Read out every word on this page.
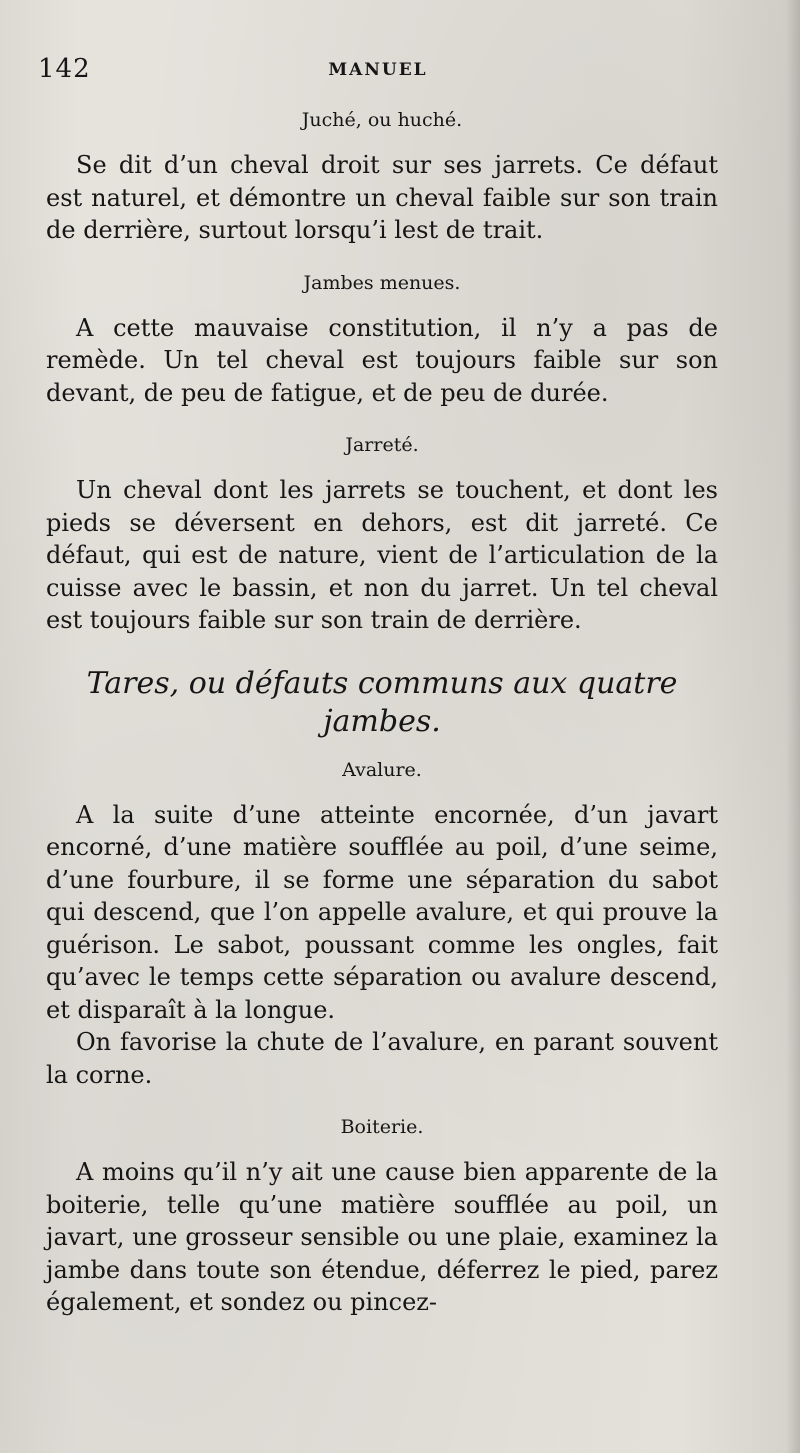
142	MANUEL

Juché, ou huché.

Se dit d’un cheval droit sur ses jarrets. Ce défaut est naturel, et démontre un cheval faible sur son train de derrière, surtout lorsqu’i lest de trait.

Jambes menues.

A cette mauvaise constitution, il n’y a pas de remède. Un tel cheval est toujours faible sur son devant, de peu de fatigue, et de peu de durée.

Jarreté.

Un cheval dont les jarrets se touchent, et dont les pieds se déversent en dehors, est dit jarreté. Ce défaut, qui est de nature, vient de l’articulation de la cuisse avec le bassin, et non du jarret. Un tel cheval est toujours faible sur son train de derrière.

Tares, ou défauts communs aux quatre jambes.

Avalure.

A la suite d’une atteinte encornée, d’un javart encorné, d’une matière soufflée au poil, d’une seime, d’une fourbure, il se forme une séparation du sabot qui descend, que l’on appelle avalure, et qui prouve la guérison. Le sabot, poussant comme les ongles, fait qu’avec le temps cette séparation ou avalure descend, et disparaît à la longue.

On favorise la chute de l’avalure, en parant souvent la corne.

Boiterie.

A moins qu’il n’y ait une cause bien apparente de la boiterie, telle qu’une matière soufflée au poil, un javart, une grosseur sensible ou une plaie, examinez la jambe dans toute son étendue, déferrez le pied, parez également, et sondez ou pincez-
